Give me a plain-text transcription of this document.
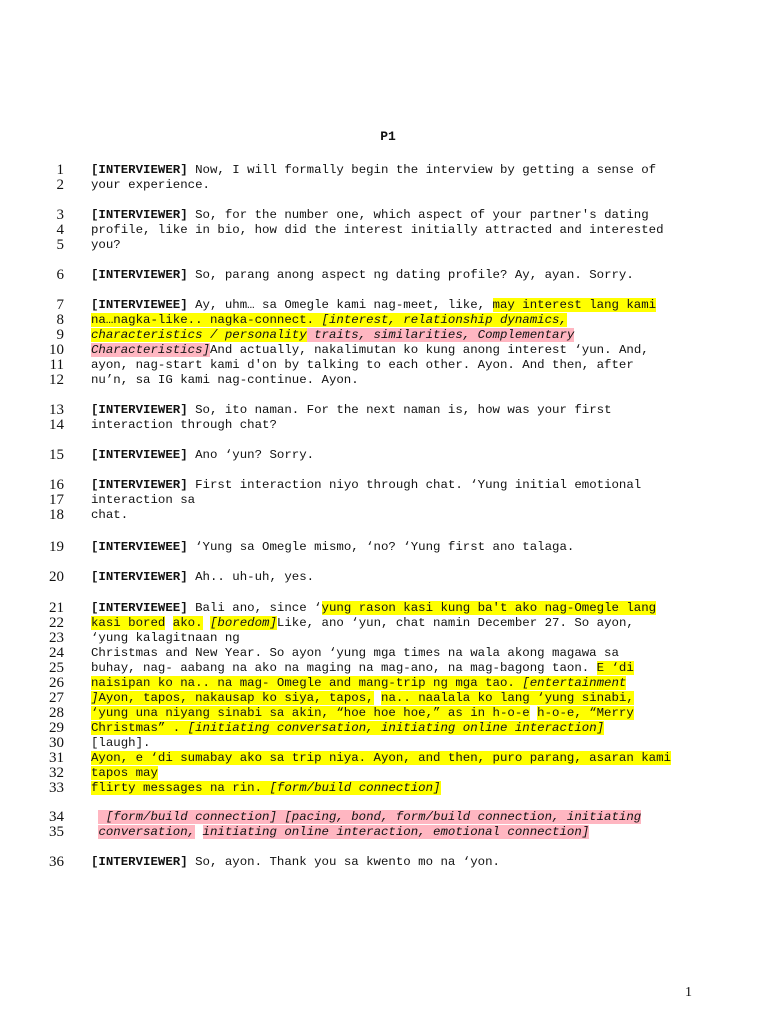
P1
1 [INTERVIEWER] Now, I will formally begin the interview by getting a sense of
2 your experience.
3 [INTERVIEWER] So, for the number one, which aspect of your partner's dating
4 profile, like in bio, how did the interest initially attracted and interested
5 you?
6 [INTERVIEWER] So, parang anong aspect ng dating profile? Ay, ayan. Sorry.
7 [INTERVIEWEE] Ay, uhm… sa Omegle kami nag-meet, like, may interest lang kami
8 na…nagka-like.. nagka-connect. [interest, relationship dynamics,
9 characteristics / personality traits, similarities, Complementary
10 Characteristics]And actually, nakalimutan ko kung anong interest ‘yun. And,
11 ayon, nag-start kami d'on by talking to each other. Ayon. And then, after
12 nu’n, sa IG kami nag-continue. Ayon.
13 [INTERVIEWER] So, ito naman. For the next naman is, how was your first
14 interaction through chat?
15 [INTERVIEWEE] Ano ‘yun? Sorry.
16 [INTERVIEWER] First interaction niyo through chat. ‘Yung initial emotional
17 interaction sa
18 chat.
19 [INTERVIEWEE] ‘Yung sa Omegle mismo, ‘no? ‘Yung first ano talaga.
20 [INTERVIEWER] Ah.. uh-uh, yes.
21 [INTERVIEWEE] Bali ano, since ‘yung rason kasi kung ba't ako nag-Omegle lang
22 kasi bored ako. [boredom]Like, ano ‘yun, chat namin December 27. So ayon,
23 ‘yung kalagitnaan ng
24 Christmas and New Year. So ayon ‘yung mga times na wala akong magawa sa
25 buhay, nag- aabang na ako na maging na mag-ano, na mag-bagong taon. E ‘di
26 naisipan ko na.. na mag- Omegle and mang-trip ng mga tao. [entertainment
27 ]Ayon, tapos, nakausap ko siya, tapos, na.. naalala ko lang ‘yung sinabi,
28 ‘yung una niyang sinabi sa akin, “hoe hoe hoe,” as in h-o-e h-o-e, “Merry
29 Christmas” . [initiating conversation, initiating online interaction]
30 [laugh].
31 Ayon, e ‘di sumabay ako sa trip niya. Ayon, and then, puro parang, asaran kami
32 tapos may
33 flirty messages na rin. [form/build connection]
34	[form/build connection] [pacing, bond, form/build connection, initiating
35	conversation, initiating online interaction, emotional connection]
36 [INTERVIEWER] So, ayon. Thank you sa kwento mo na ‘yon.
1
